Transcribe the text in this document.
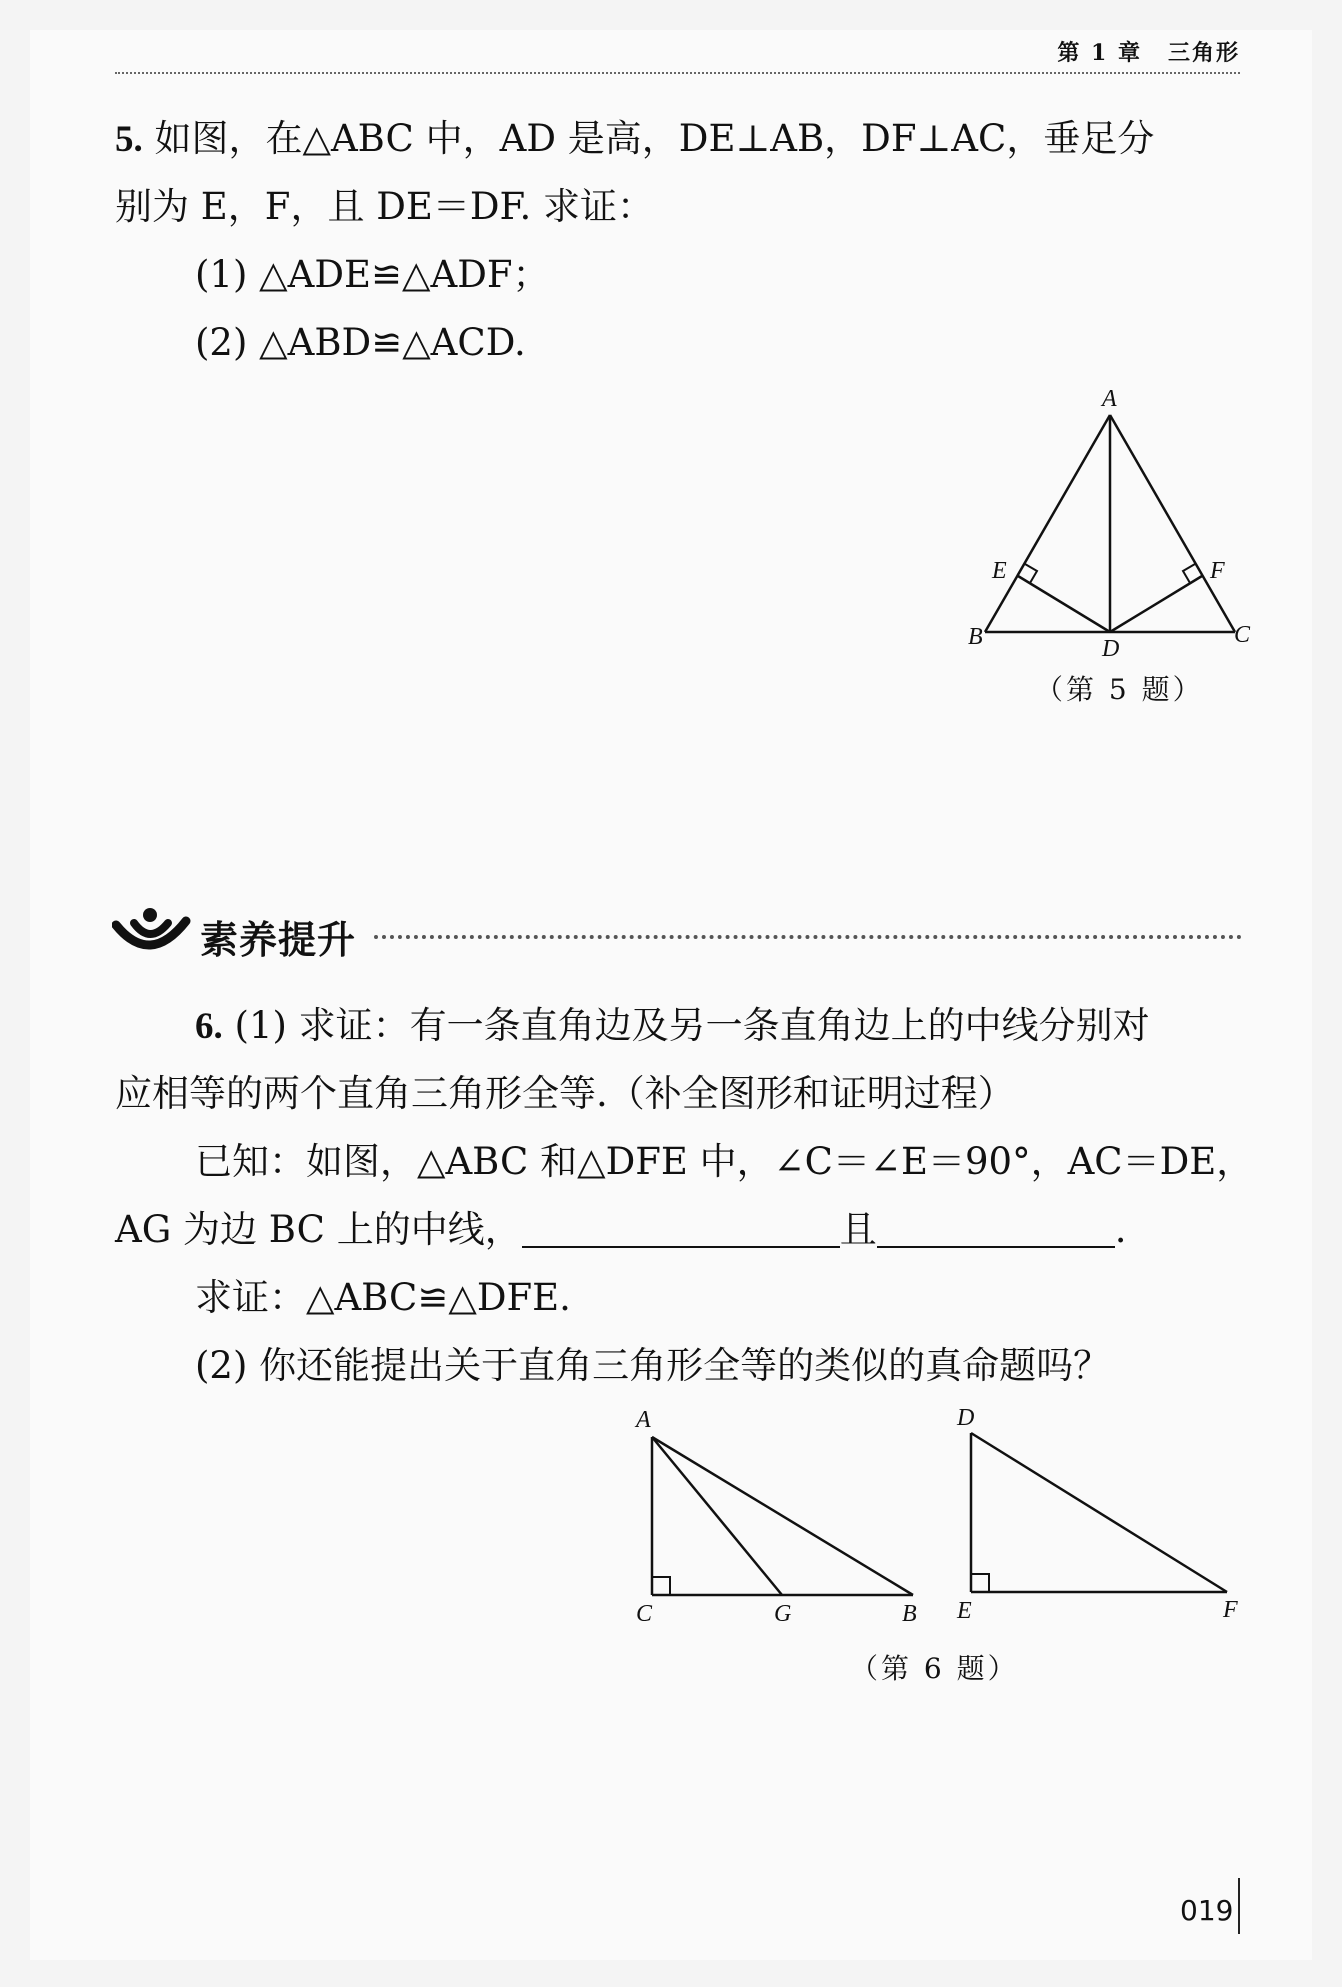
第 1 章 三角形
5. 如图，在△ABC 中，AD 是高，DE⊥AB，DF⊥AC，垂足分
别为 E，F，且 DE＝DF. 求证：
(1) △ADE≌△ADF；
(2) △ABD≌△ACD.
A
B	C
D
E	F
（第 5 题）
素养提升
6. (1) 求证：有一条直角边及另一条直角边上的中线分别对
应相等的两个直角三角形全等.（补全图形和证明过程）
已知：如图，△ABC 和△DFE 中，∠C＝∠E＝90°，AC＝DE，
AG 为边 BC 上的中线，	且	.
求证：△ABC≌△DFE.
(2) 你还能提出关于直角三角形全等的类似的真命题吗？
A
C	G	B
D
E	F
（第 6 题）
019
